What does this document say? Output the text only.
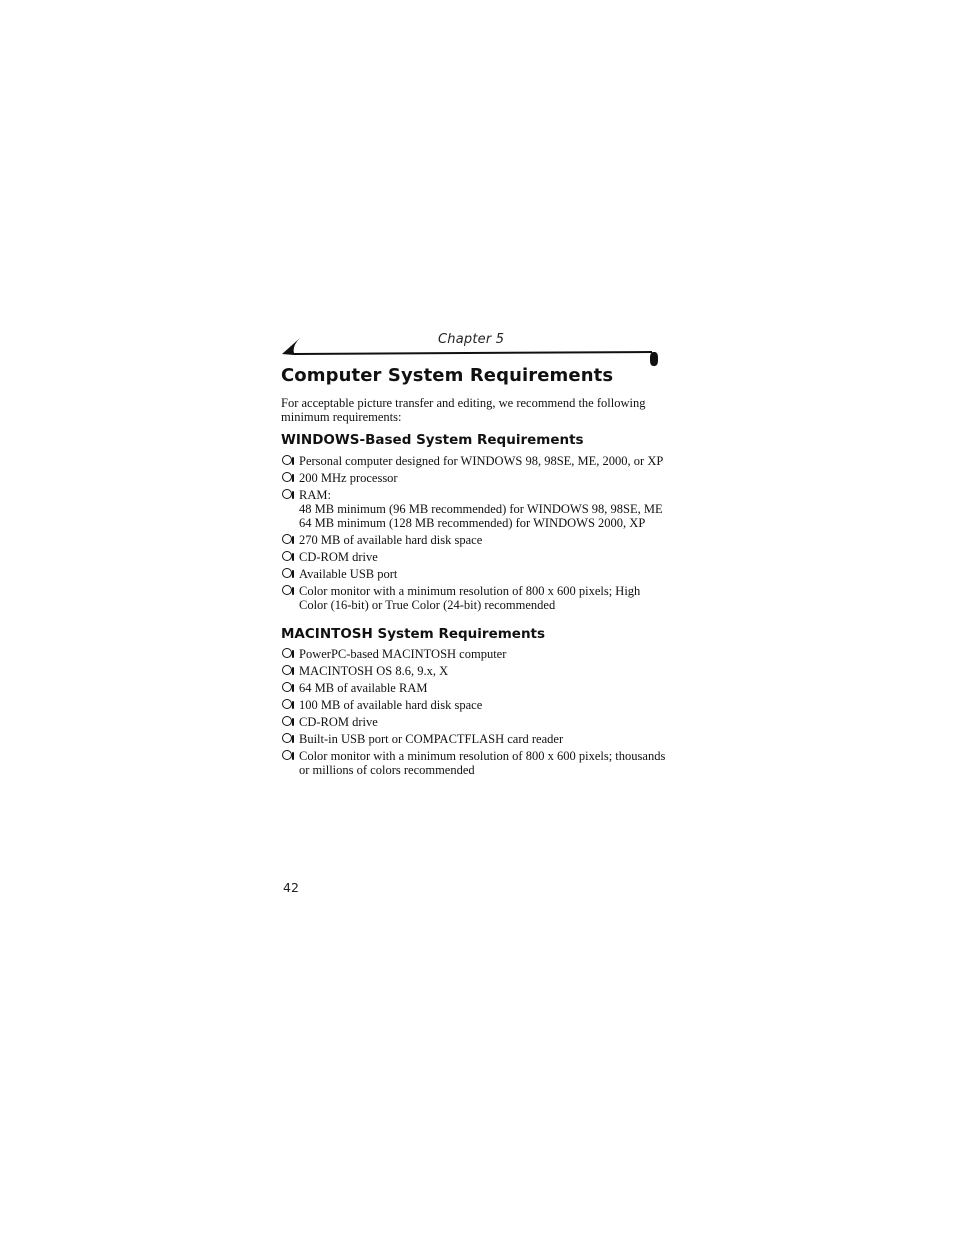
Chapter 5
Computer System Requirements

For acceptable picture transfer and editing, we recommend the following minimum requirements:

WINDOWS-Based System Requirements
Personal computer designed for WINDOWS 98, 98SE, ME, 2000, or XP
200 MHz processor
RAM:
48 MB minimum (96 MB recommended) for WINDOWS 98, 98SE, ME
64 MB minimum (128 MB recommended) for WINDOWS 2000, XP
270 MB of available hard disk space
CD-ROM drive
Available USB port
Color monitor with a minimum resolution of 800 x 600 pixels; High Color (16-bit) or True Color (24-bit) recommended
MACINTOSH System Requirements
PowerPC-based MACINTOSH computer
MACINTOSH OS 8.6, 9.x, X
64 MB of available RAM
100 MB of available hard disk space
CD-ROM drive
Built-in USB port or COMPACTFLASH card reader
Color monitor with a minimum resolution of 800 x 600 pixels; thousands or millions of colors recommended
42
